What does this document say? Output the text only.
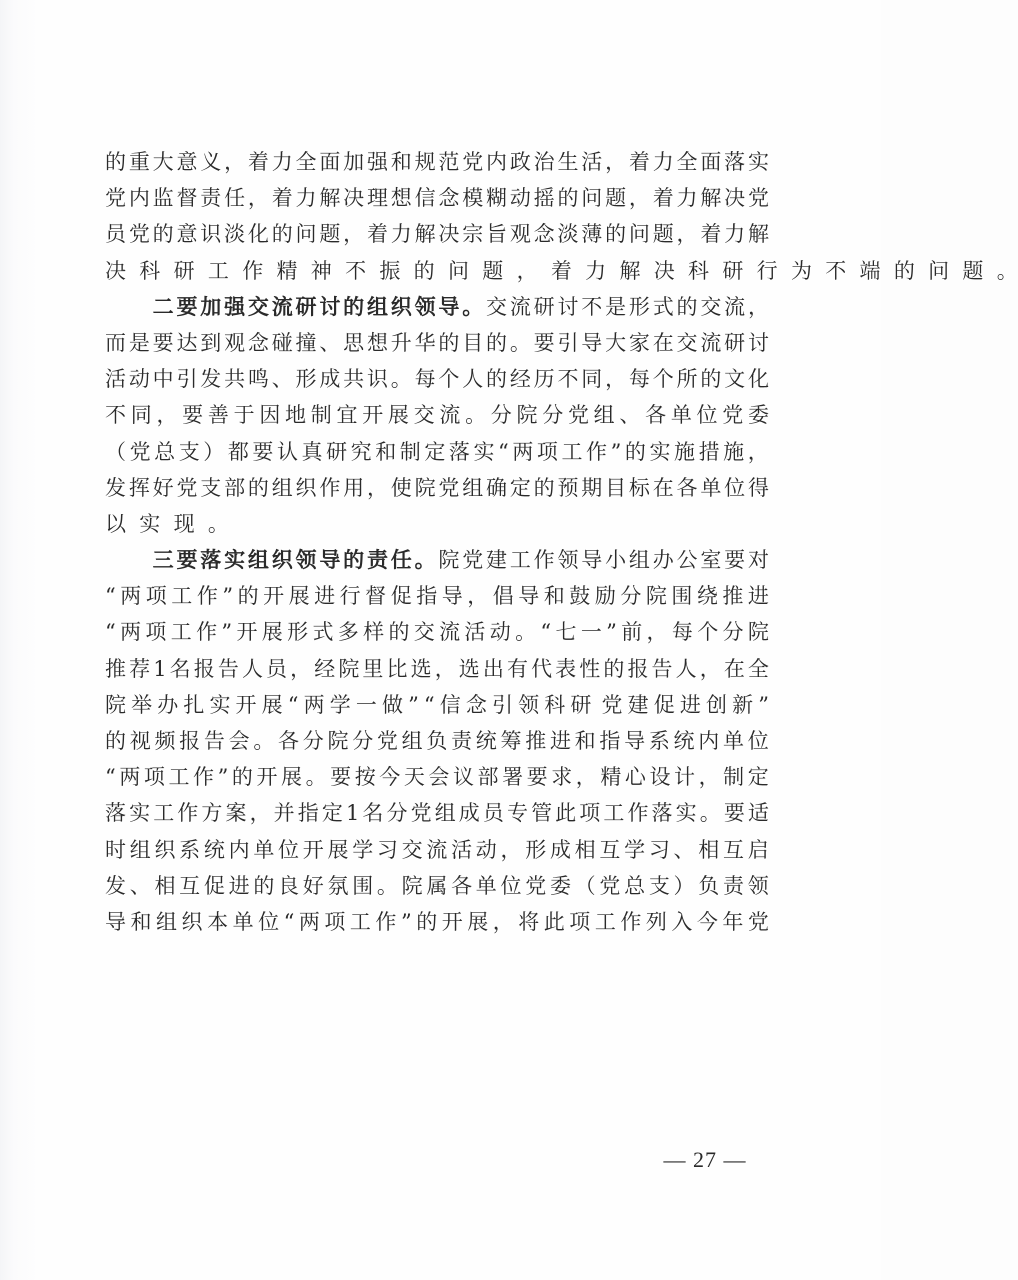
的 重 大 意 义 ， 着 力 全 面 加 强 和 规 范 党 内 政 治 生 活 ， 着 力 全 面 落 实
党 内 监 督 责 任 ， 着 力 解 决 理 想 信 念 模 糊 动 摇 的 问 题 ， 着 力 解 决 党
员 党 的 意 识 淡 化 的 问 题 ， 着 力 解 决 宗 旨 观 念 淡 薄 的 问 题 ， 着 力 解
决 科 研 工 作 精 神 不 振 的 问 题 ， 着 力 解 决 科 研 行 为 不 端 的 问 题 。

二 要 加 强 交 流 研 讨 的 组 织 领 导 。 交 流 研 讨 不 是 形 式 的 交 流 ，
而 是 要 达 到 观 念 碰 撞 、 思 想 升 华 的 目 的 。 要 引 导 大 家 在 交 流 研 讨
活 动 中 引 发 共 鸣 、 形 成 共 识 。 每 个 人 的 经 历 不 同 ， 每 个 所 的 文 化
不 同 ， 要 善 于 因 地 制 宜 开 展 交 流 。 分 院 分 党 组 、 各 单 位 党 委
（ 党 总 支 ） 都 要 认 真 研 究 和 制 定 落 实 “ 两 项 工 作 ” 的 实 施 措 施 ，
发 挥 好 党 支 部 的 组 织 作 用 ， 使 院 党 组 确 定 的 预 期 目 标 在 各 单 位 得
以 实 现 。

三 要 落 实 组 织 领 导 的 责 任 。 院 党 建 工 作 领 导 小 组 办 公 室 要 对
“ 两 项 工 作 ” 的 开 展 进 行 督 促 指 导 ， 倡 导 和 鼓 励 分 院 围 绕 推 进
“ 两 项 工 作 ” 开 展 形 式 多 样 的 交 流 活 动 。 “ 七 一 ” 前 ， 每 个 分 院
推 荐 1 名 报 告 人 员 ， 经 院 里 比 选 ， 选 出 有 代 表 性 的 报 告 人 ， 在 全
院 举 办 扎 实 开 展 “ 两 学 一 做 ” “ 信 念 引 领 科 研 党 建 促 进 创 新 ”
的 视 频 报 告 会 。 各 分 院 分 党 组 负 责 统 筹 推 进 和 指 导 系 统 内 单 位
“ 两 项 工 作 ” 的 开 展 。 要 按 今 天 会 议 部 署 要 求 ， 精 心 设 计 ， 制 定
落 实 工 作 方 案 ， 并 指 定 1 名 分 党 组 成 员 专 管 此 项 工 作 落 实 。 要 适
时 组 织 系 统 内 单 位 开 展 学 习 交 流 活 动 ， 形 成 相 互 学 习 、 相 互 启
发 、 相 互 促 进 的 良 好 氛 围 。 院 属 各 单 位 党 委 （ 党 总 支 ） 负 责 领
导 和 组 织 本 单 位 “ 两 项 工 作 ” 的 开 展 ， 将 此 项 工 作 列 入 今 年 党
— 27 —
